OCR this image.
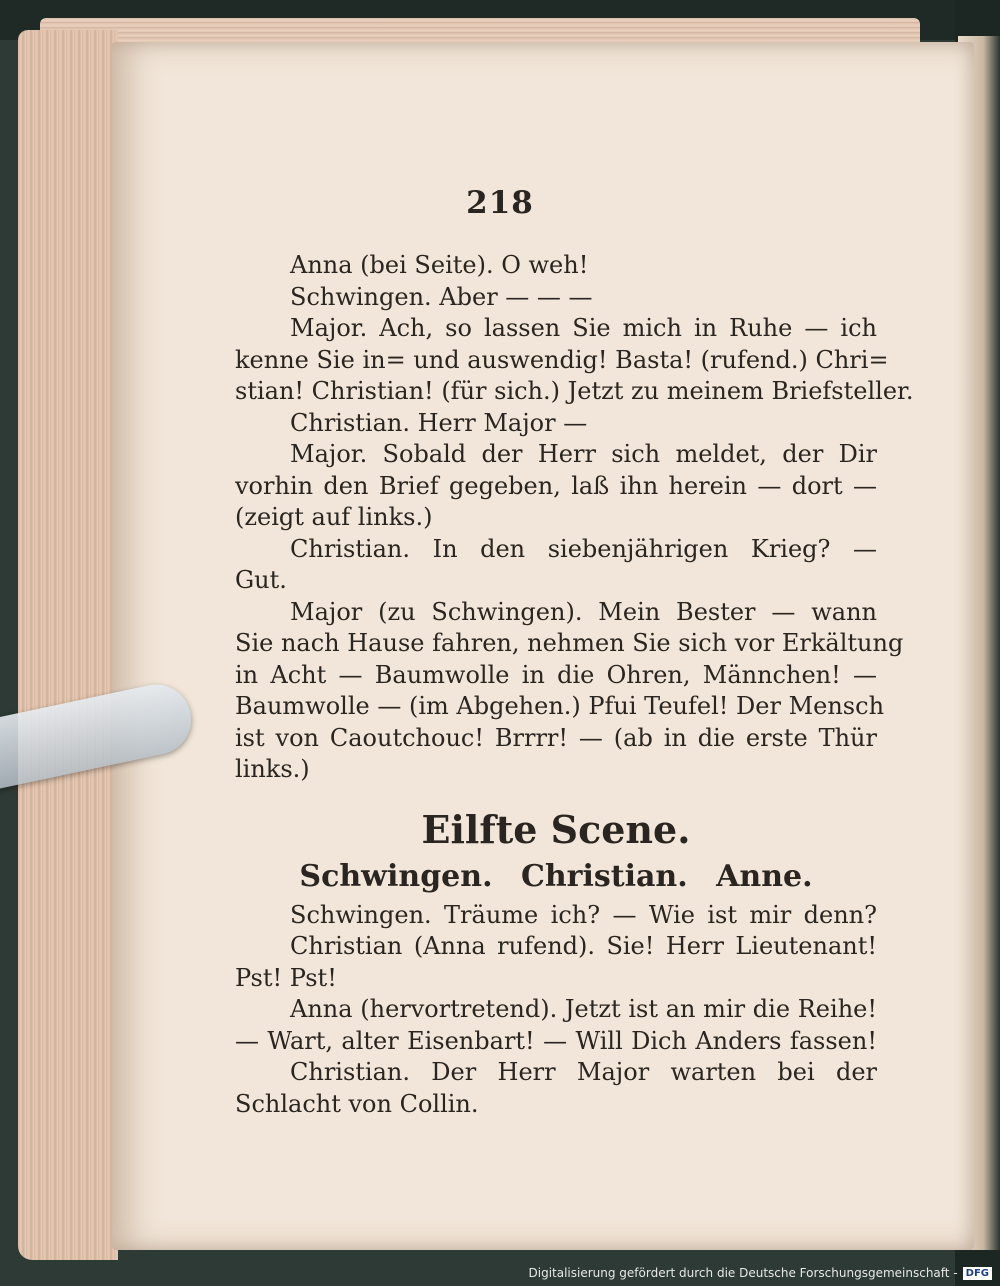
218
Anna (bei Seite). O weh!
Schwingen. Aber — — —
Major. Ach, so lassen Sie mich in Ruhe — ich
kenne Sie in= und auswendig! Basta! (rufend.) Chri=
stian! Christian! (für sich.) Jetzt zu meinem Briefsteller.
Christian. Herr Major —
Major. Sobald der Herr sich meldet, der Dir
vorhin den Brief gegeben, laß ihn herein — dort —
(zeigt auf links.)
Christian. In den siebenjährigen Krieg? —
Gut.
Major (zu Schwingen). Mein Bester — wann
Sie nach Hause fahren, nehmen Sie sich vor Erkältung
in Acht — Baumwolle in die Ohren, Männchen! —
Baumwolle — (im Abgehen.) Pfui Teufel! Der Mensch
ist von Caoutchouc! Brrrr! — (ab in die erste Thür
links.)
Eilfte Scene.
Schwingen. Christian. Anne.
Schwingen. Träume ich? — Wie ist mir denn?
Christian (Anna rufend). Sie! Herr Lieutenant!
Pst! Pst!
Anna (hervortretend). Jetzt ist an mir die Reihe!
— Wart, alter Eisenbart! — Will Dich Anders fassen!
Christian. Der Herr Major warten bei der
Schlacht von Collin.
Digitalisierung gefördert durch die Deutsche Forschungsgemeinschaft - DFG
